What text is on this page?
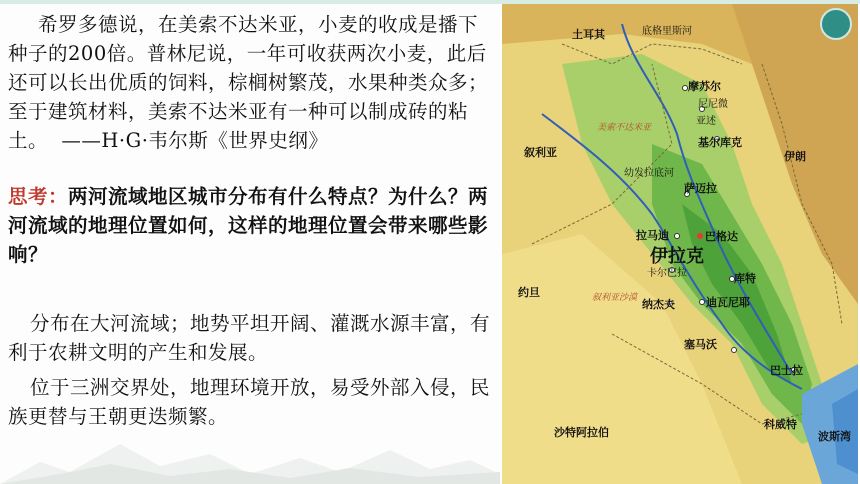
希罗多德说，在美索不达米亚，小麦的收成是播下种子的200倍。普林尼说，一年可收获两次小麦，此后还可以长出优质的饲料，棕榈树繁茂，水果种类众多；至于建筑材料，美索不达米亚有一种可以制成砖的粘土。 ——H·G·韦尔斯《世界史纲》
思考：两河流域地区城市分布有什么特点？为什么？两河流域的地理位置如何，这样的地理位置会带来哪些影响？
分布在大河流域；地势平坦开阔、灌溉水源丰富，有利于农耕文明的产生和发展。
位于三洲交界处，地理环境开放，易受外部入侵，民族更替与王朝更迭频繁。
土耳其	底格里斯河
摩苏尔
尼尼微
亚述
基尔库克
叙利亚	伊朗
美索不达米亚
幼发拉底河
萨迈拉
拉马迪	巴格达
伊拉克
卡尔巴拉	库特
约旦	叙利亚沙漠 纳杰夫	迪瓦尼耶
塞马沃
巴士拉
科威特
沙特阿拉伯	波斯湾
